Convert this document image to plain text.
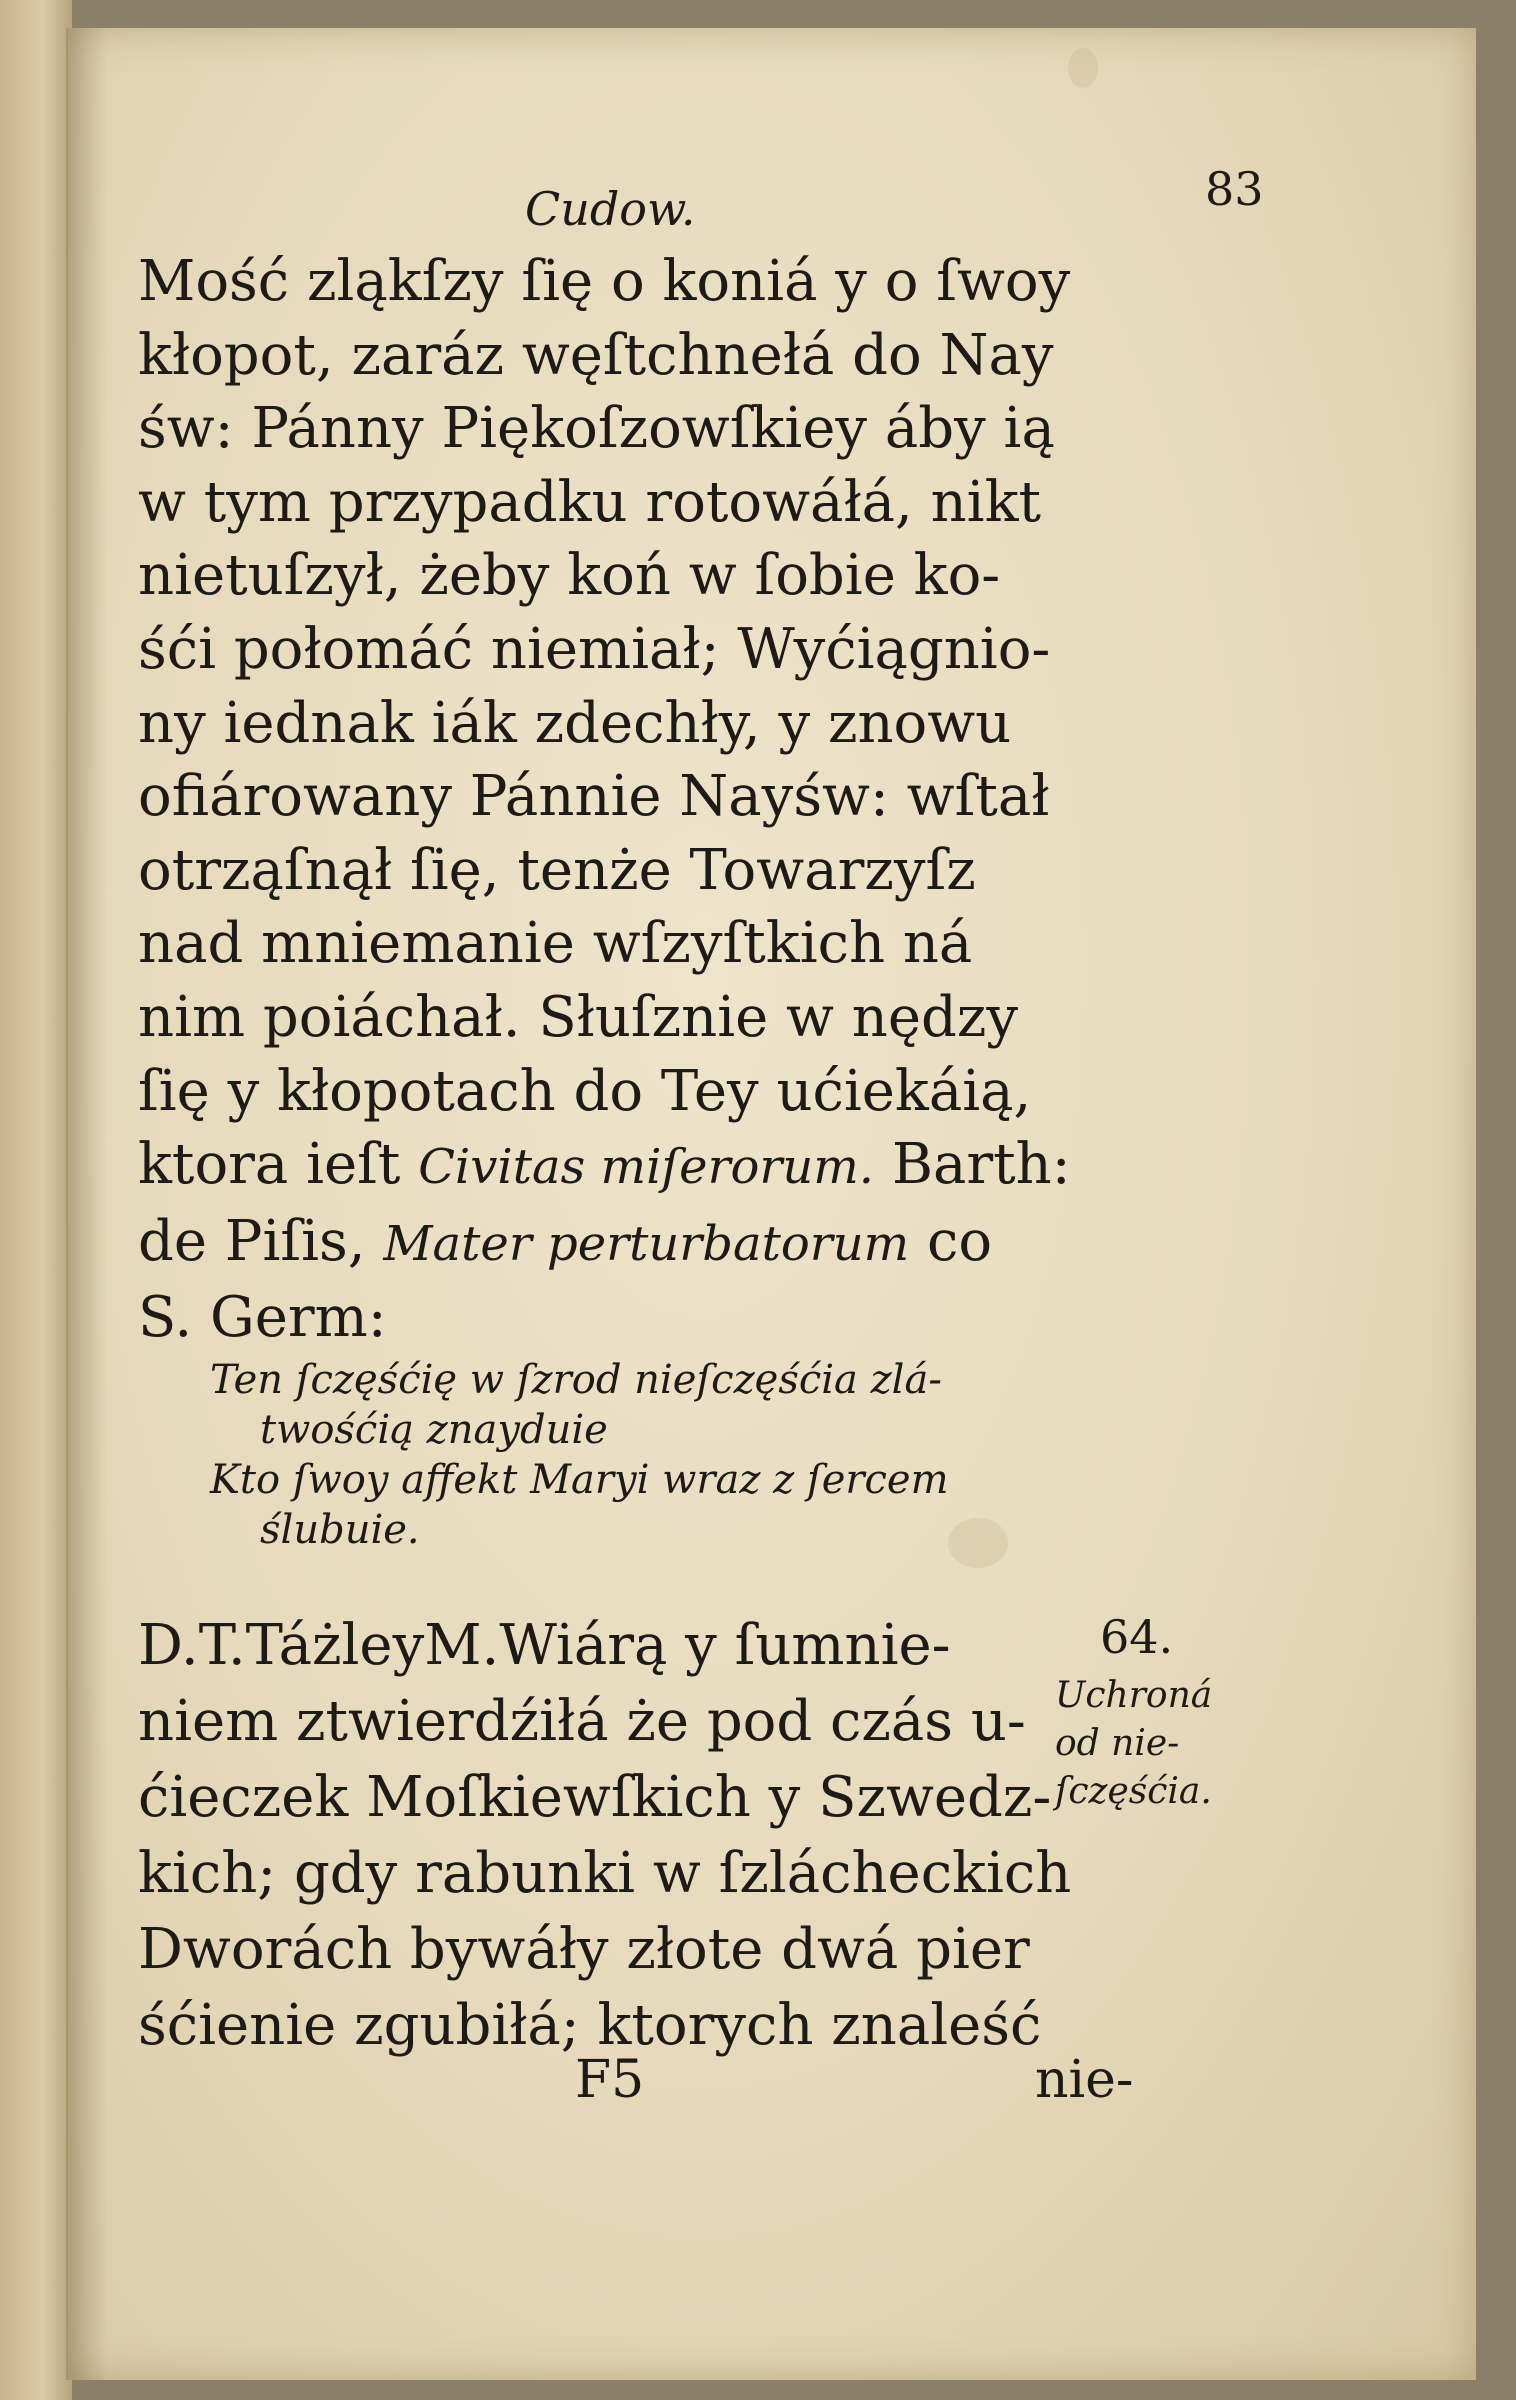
Cudow.	83
Mość zląkſzy ſię o koniá y o ſwoy
kłopot, zaráz węſtchnełá do Nay
św: Pánny Piękoſzowſkiey áby ią
w tym przypadku rotowáłá, nikt
nietuſzył, żeby koń w ſobie ko-
śći połomáć niemiał; Wyćiągnio-
ny iednak iák zdechły, y znowu
ofiárowany Pánnie Nayśw: wſtał
otrząſnął ſię, tenże Towarzyſz
nad mniemanie wſzyſtkich ná
nim poiáchał. Słuſznie w nędzy
ſię y kłopotach do Tey ućiekáią,
ktora ieſt Civitas miſerorum. Barth:
de Piſis, Mater perturbatorum co
S. Germ:
Ten ſczęśćię w ſzrod nieſczęśćia zlá-
twośćią znayduie
Kto ſwoy affekt Maryi wraz z ſercem
ślubuie.
64.
Uchroná
od nie-
ſczęśćia.
D.T.TáżleyM.Wiárą y ſumnie-
niem ztwierdźiłá że pod czás u-
ćieczek Moſkiewſkich y Szwedz-
kich; gdy rabunki w ſzlácheckich
Dworách bywáły złote dwá pier
śćienie zgubiłá; ktorych znaleść
F5	nie-
